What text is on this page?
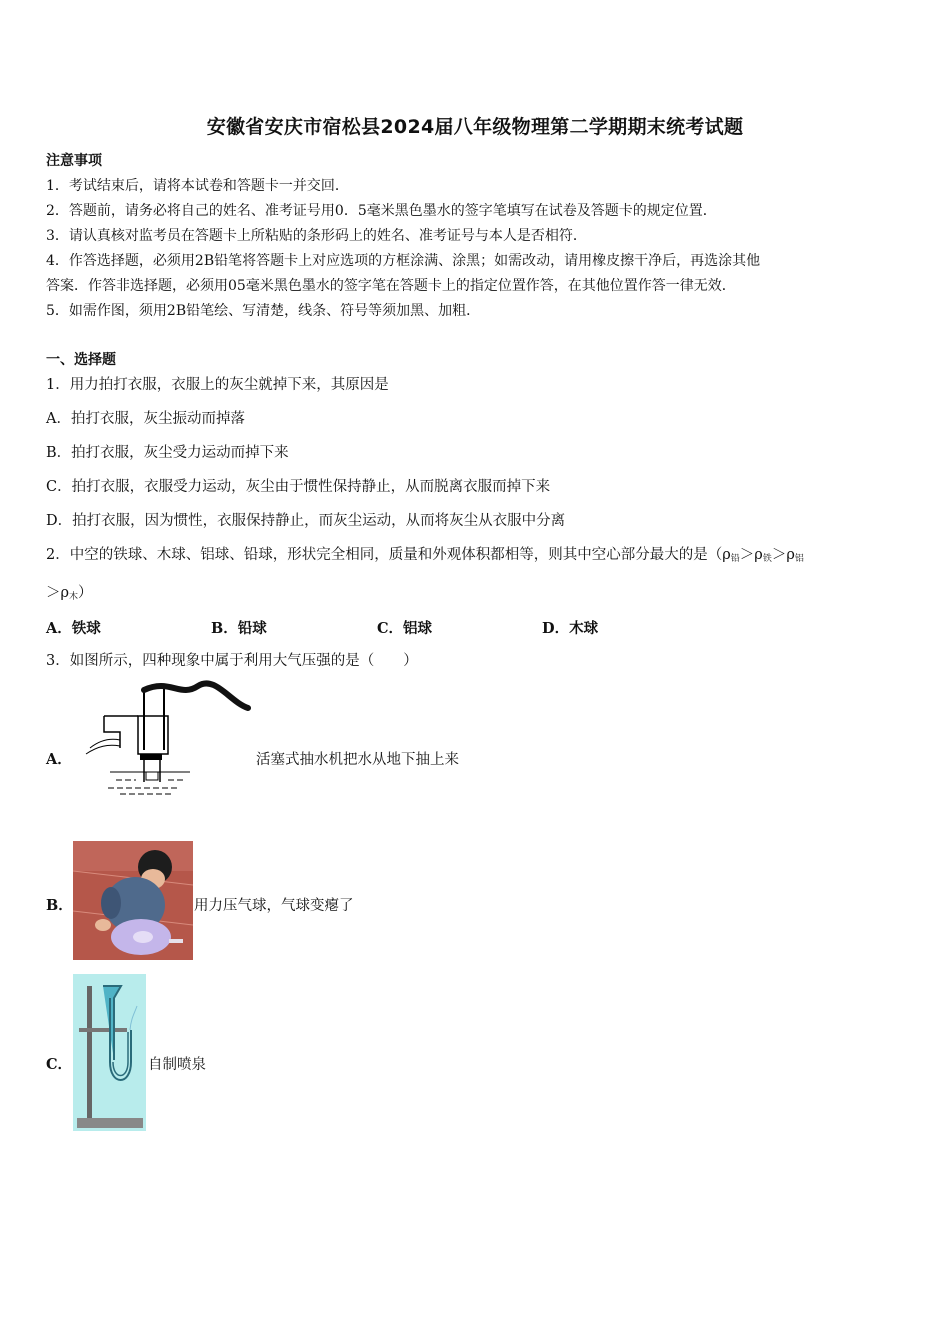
安徽省安庆市宿松县2024届八年级物理第二学期期末统考试题
注意事项
1．考试结束后，请将本试卷和答题卡一并交回．
2．答题前，请务必将自己的姓名、准考证号用0．5毫米黑色墨水的签字笔填写在试卷及答题卡的规定位置．
3．请认真核对监考员在答题卡上所粘贴的条形码上的姓名、准考证号与本人是否相符．
4．作答选择题，必须用2B铅笔将答题卡上对应选项的方框涂满、涂黑；如需改动，请用橡皮擦干净后，再选涂其他
答案．作答非选择题，必须用05毫米黑色墨水的签字笔在答题卡上的指定位置作答，在其他位置作答一律无效．
5．如需作图，须用2B铅笔绘、写清楚，线条、符号等须加黑、加粗．
一、选择题
1．用力拍打衣服，衣服上的灰尘就掉下来，其原因是
A．拍打衣服，灰尘振动而掉落
B．拍打衣服，灰尘受力运动而掉下来
C．拍打衣服，衣服受力运动，灰尘由于惯性保持静止，从而脱离衣服而掉下来
D．拍打衣服，因为惯性，衣服保持静止，而灰尘运动，从而将灰尘从衣服中分离
2．中空的铁球、木球、铝球、铅球，形状完全相同，质量和外观体积都相等，则其中空心部分最大的是（$\rho_铅>\rho_铁>\rho_铝$
$>\rho_木$）
A．铁球	B．铅球	C．铝球	D．木球
3．如图所示，四种现象中属于利用大气压强的是（　　）
A．	活塞式抽水机把水从地下抽上来
B．	用力压气球，气球变瘪了
C．	自制喷泉
